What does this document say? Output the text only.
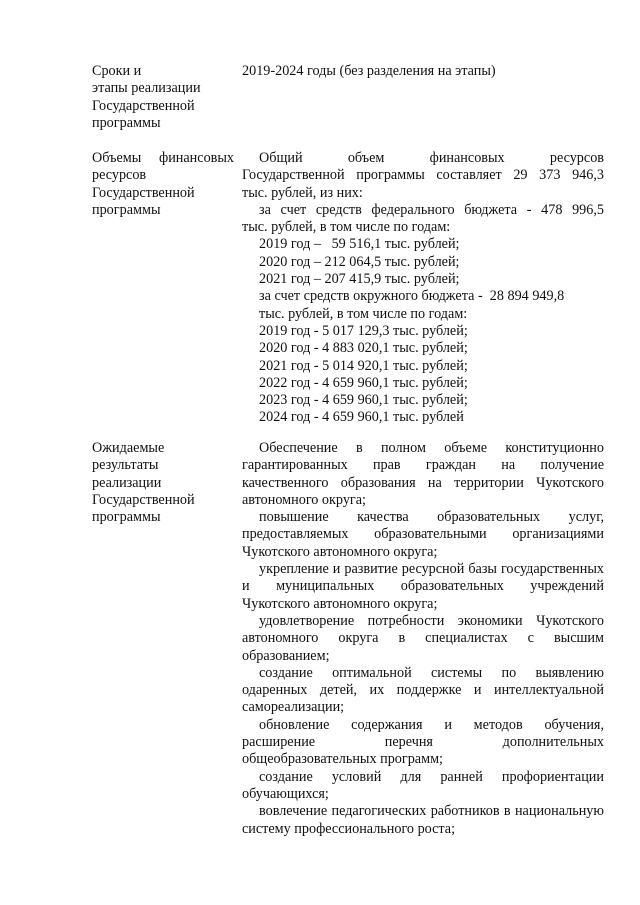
Сроки и
этапы реализации
Государственной
программы
2019-2024 годы (без разделения на этапы)
Объемы финансовых
ресурсов
Государственной
программы
Общий объем финансовых ресурсов
Государственной программы составляет 29 373 946,3
тыс. рублей, из них:
за счет средств федерального бюджета - 478 996,5
тыс. рублей, в том числе по годам:
2019 год –   59 516,1 тыс. рублей;
2020 год – 212 064,5 тыс. рублей;
2021 год – 207 415,9 тыс. рублей;
за счет средств окружного бюджета -  28 894 949,8
тыс. рублей, в том числе по годам:
2019 год - 5 017 129,3 тыс. рублей;
2020 год - 4 883 020,1 тыс. рублей;
2021 год - 5 014 920,1 тыс. рублей;
2022 год - 4 659 960,1 тыс. рублей;
2023 год - 4 659 960,1 тыс. рублей;
2024 год - 4 659 960,1 тыс. рублей
Ожидаемые
результаты
реализации
Государственной
программы
Обеспечение в полном объеме конституционно гарантированных прав граждан на получение качественного образования на территории Чукотского автономного округа;
повышение качества образовательных услуг, предоставляемых образовательными организациями Чукотского автономного округа;
укрепление и развитие ресурсной базы государственных и муниципальных образовательных учреждений Чукотского автономного округа;
удовлетворение потребности экономики Чукотского автономного округа в специалистах с высшим образованием;
создание оптимальной системы по выявлению одаренных детей, их поддержке и интеллектуальной самореализации;
обновление содержания и методов обучения, расширение перечня дополнительных общеобразовательных программ;
создание условий для ранней профориентации обучающихся;
вовлечение педагогических работников в национальную систему профессионального роста;
